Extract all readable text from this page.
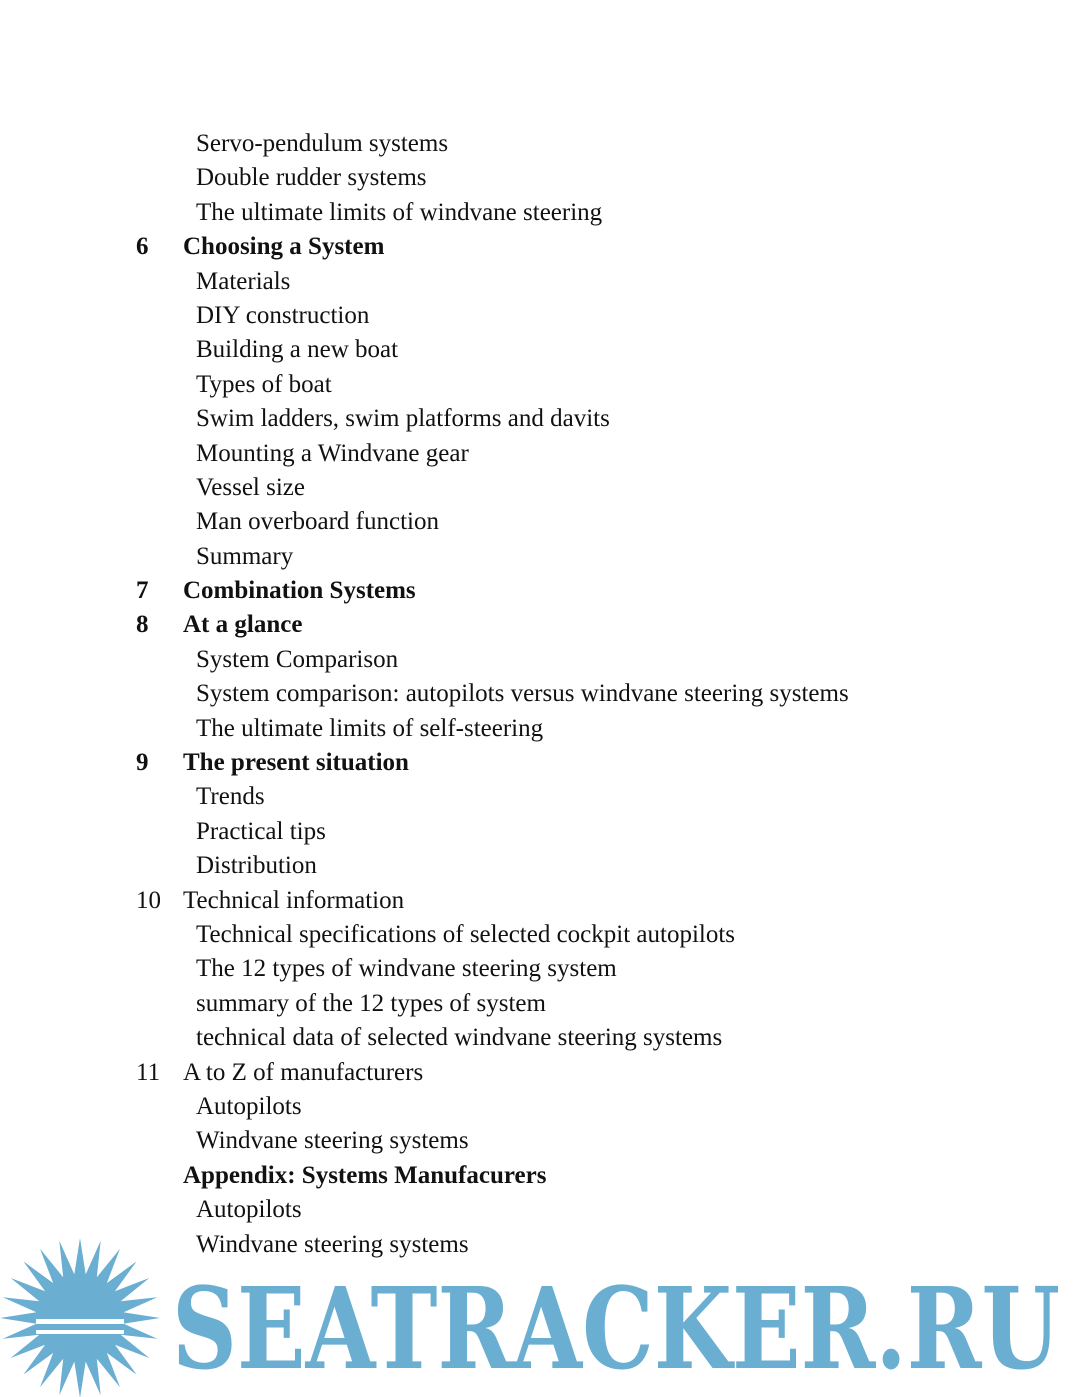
Servo-pendulum systems
Double rudder systems
The ultimate limits of windvane steering
6 Choosing a System
Materials
DIY construction
Building a new boat
Types of boat
Swim ladders, swim platforms and davits
Mounting a Windvane gear
Vessel size
Man overboard function
Summary
7 Combination Systems
8 At a glance
System Comparison
System comparison: autopilots versus windvane steering systems
The ultimate limits of self-steering
9 The present situation
Trends
Practical tips
Distribution
10 Technical information
Technical specifications of selected cockpit autopilots
The 12 types of windvane steering system
summary of the 12 types of system
technical data of selected windvane steering systems
11 A to Z of manufacturers
Autopilots
Windvane steering systems
Appendix: Systems Manufacurers
Autopilots
Windvane steering systems
SEATRACKER.RU
